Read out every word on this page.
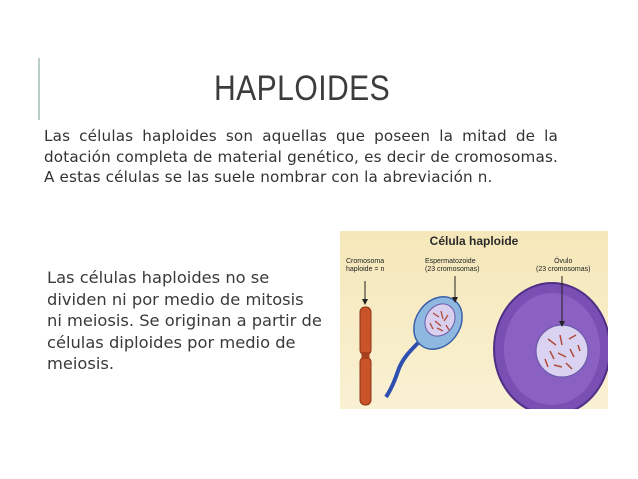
HAPLOIDES
Las células haploides son aquellas que poseen la mitad de la dotación completa de material genético, es decir de cromosomas. A estas células se las suele nombrar con la abreviación n.
Las células haploides no se dividen ni por medio de mitosis ni meiosis. Se originan a partir de células diploides por medio de meiosis.
Célula haploide
Cromosoma
haploide = n
Espermatozoide
(23 cromosomas)
Óvulo
(23 cromosomas)
